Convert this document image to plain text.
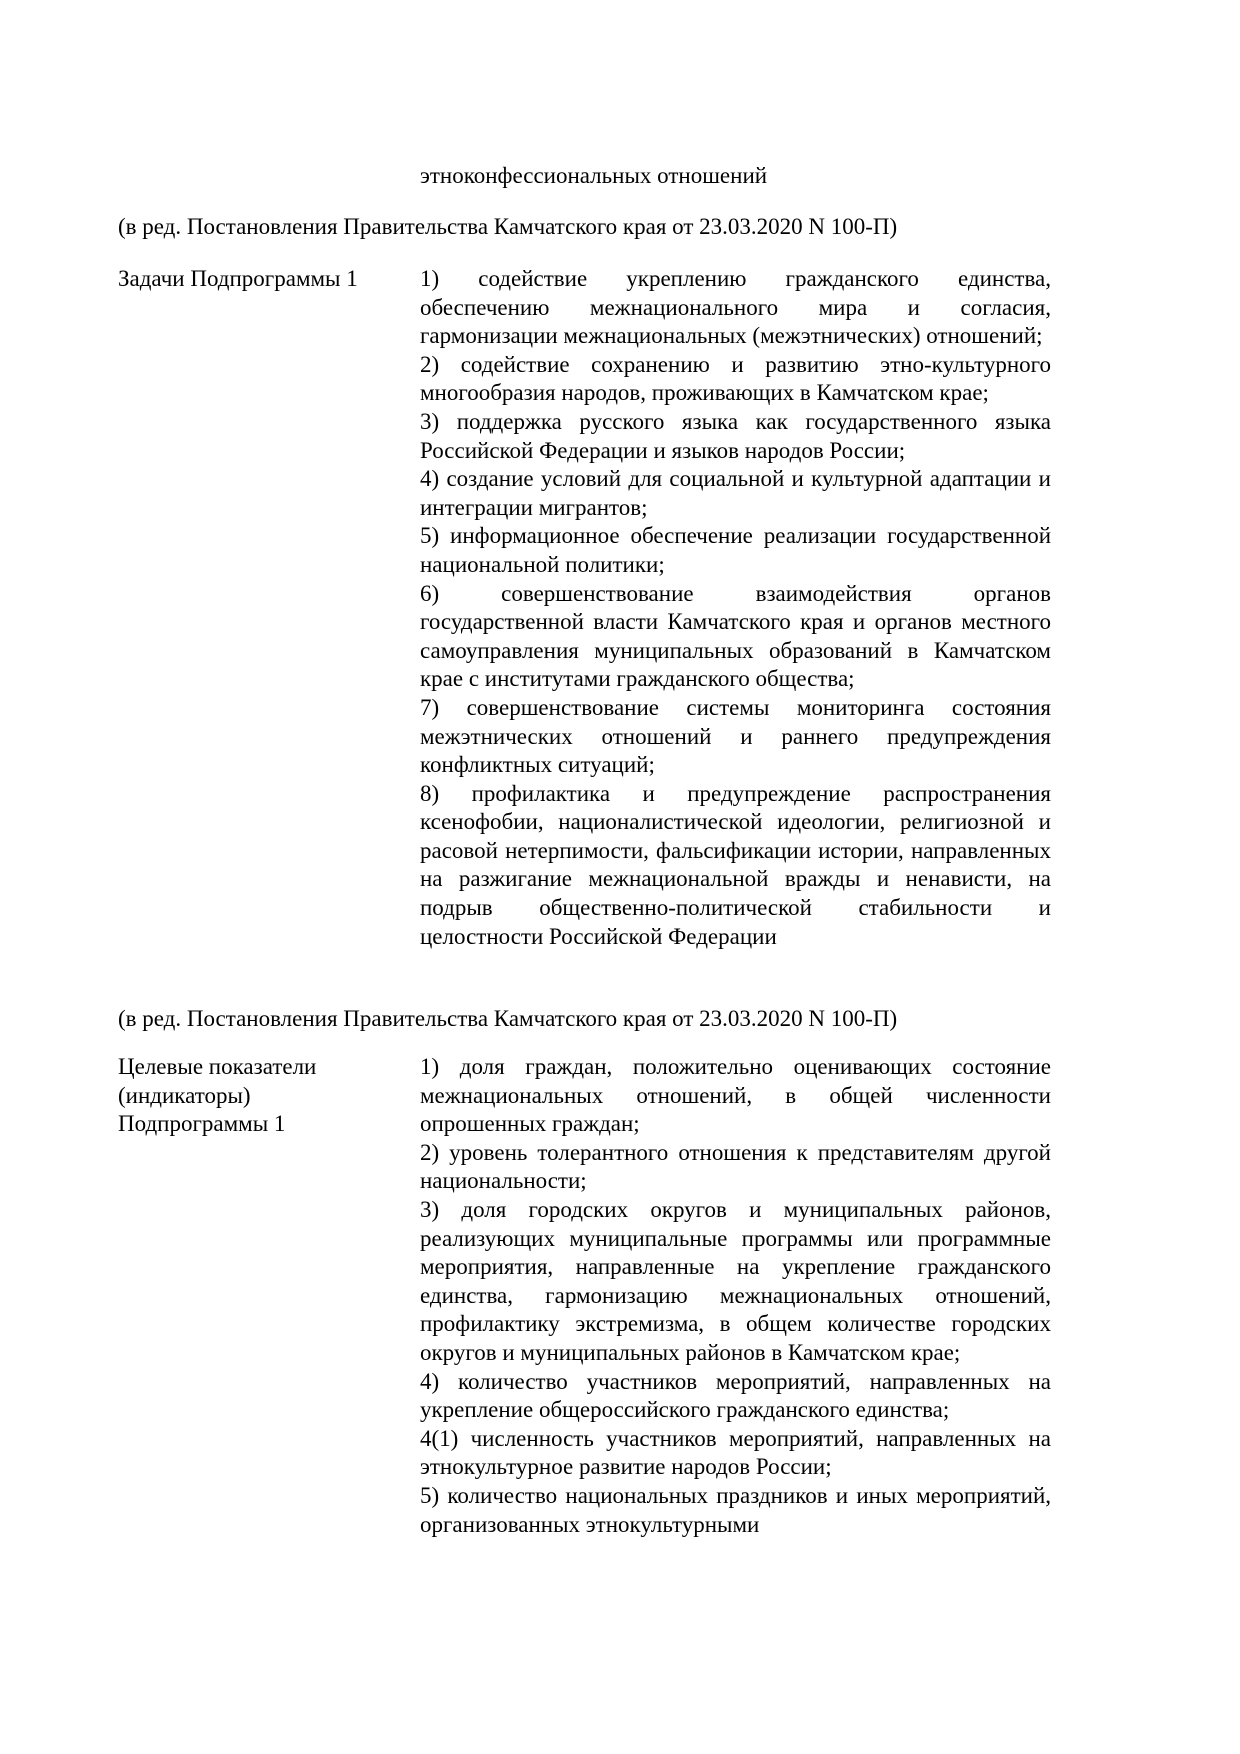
этноконфессиональных отношений
(в ред. Постановления Правительства Камчатского края от 23.03.2020 N 100-П)
Задачи Подпрограммы 1	1) содействие укреплению гражданского единства, обеспечению межнационального мира и согласия, гармонизации межнациональных (межэтнических) отношений;
2) содействие сохранению и развитию этно-культурного многообразия народов, проживающих в Камчатском крае;
3) поддержка русского языка как государственного языка Российской Федерации и языков народов России;
4) создание условий для социальной и культурной адаптации и интеграции мигрантов;
5) информационное обеспечение реализации государственной национальной политики;
6) совершенствование взаимодействия органов государственной власти Камчатского края и органов местного самоуправления муниципальных образований в Камчатском крае с институтами гражданского общества;
7) совершенствование системы мониторинга состояния межэтнических отношений и раннего предупреждения конфликтных ситуаций;
8) профилактика и предупреждение распространения ксенофобии, националистической идеологии, религиозной и расовой нетерпимости, фальсификации истории, направленных на разжигание межнациональной вражды и ненависти, на подрыв общественно-политической стабильности и целостности Российской Федерации
(в ред. Постановления Правительства Камчатского края от 23.03.2020 N 100-П)
Целевые показатели
(индикаторы)
Подпрограммы 1
1) доля граждан, положительно оценивающих состояние межнациональных отношений, в общей численности опрошенных граждан;
2) уровень толерантного отношения к представителям другой национальности;
3) доля городских округов и муниципальных районов, реализующих муниципальные программы или программные мероприятия, направленные на укрепление гражданского единства, гармонизацию межнациональных отношений, профилактику экстремизма, в общем количестве городских округов и муниципальных районов в Камчатском крае;
4) количество участников мероприятий, направленных на укрепление общероссийского гражданского единства;
4(1) численность участников мероприятий, направленных на этнокультурное развитие народов России;
5) количество национальных праздников и иных мероприятий, организованных этнокультурными
